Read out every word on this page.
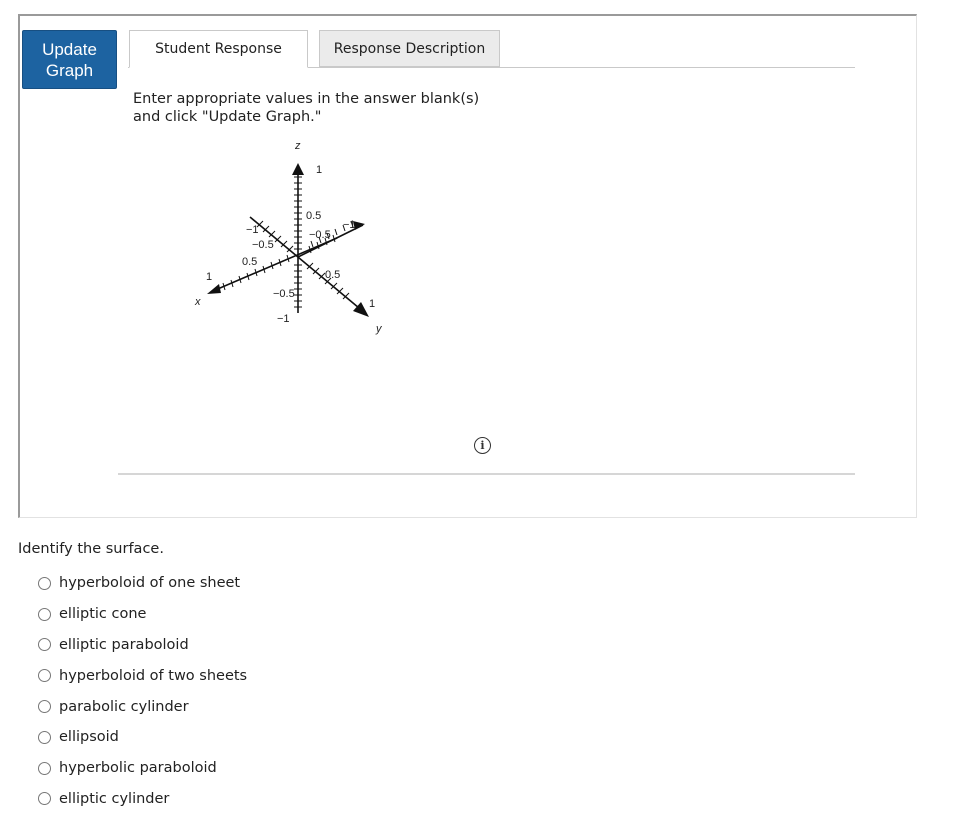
Update
Graph
Student Response	Response Description
Enter appropriate values in the answer blank(s)
and click "Update Graph."
z
x
y
1
0.5
−0.5
−1
1
0.5
−0.5
−1
−1
−0.5
0.5
1
i
Identify the surface.
hyperboloid of one sheet
elliptic cone
elliptic paraboloid
hyperboloid of two sheets
parabolic cylinder
ellipsoid
hyperbolic paraboloid
elliptic cylinder
